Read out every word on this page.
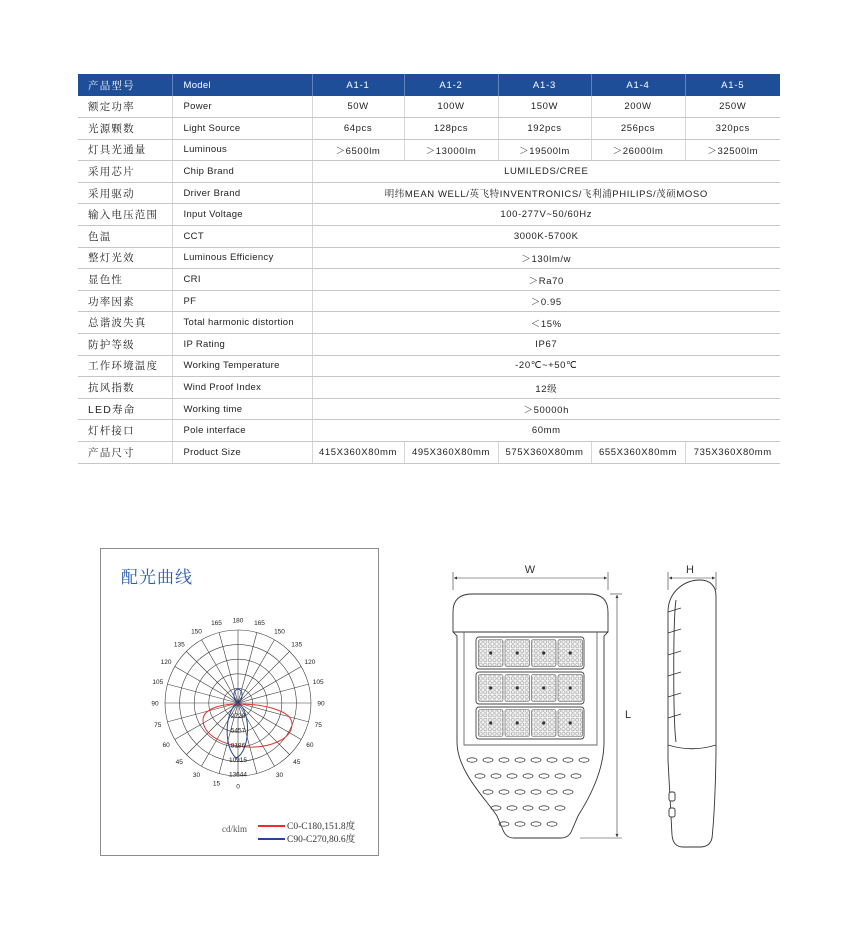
产品型号	Model	A1-1	A1-2	A1-3	A1-4	A1-5
额定功率	Power	50W	100W	150W	200W	250W
光源颗数	Light Source	64pcs	128pcs	192pcs	256pcs	320pcs
灯具光通量	Luminous	＞6500lm	＞13000lm	＞19500lm	＞26000lm	＞32500lm
采用芯片	Chip Brand	LUMILEDS/CREE				
采用驱动	Driver Brand	明纬MEAN WELL/英飞特INVENTRONICS/飞利浦PHILIPS/茂硕MOSO				
输入电压范围	Input Voltage	100-277V~50/60Hz				
色温	CCT	3000K-5700K				
整灯光效	Luminous Efficiency	＞130lm/w				
显色性	CRI	＞Ra70				
功率因素	PF	＞0.95				
总谐波失真	Total harmonic distortion	＜15%				
防护等级	IP Rating	IP67				
工作环境温度	Working Temperature	-20℃~+50℃				
抗风指数	Wind Proof Index	12级				
LED寿命	Working time	＞50000h				
灯杆接口	Pole interface	60mm				
产品尺寸	Product Size	415X360X80mm	495X360X80mm	575X360X80mm	655X360X80mm	735X360X80mm
配光曲线
180
0
15
30
45
60
75
90
105
120
135
150
165
30
45
60
75
90
105
120
135
150
165
2728
5457
8186
10915
13644
cd/klm	C0-C180,151.8度
C90-C270,80.6度
W
L
H
